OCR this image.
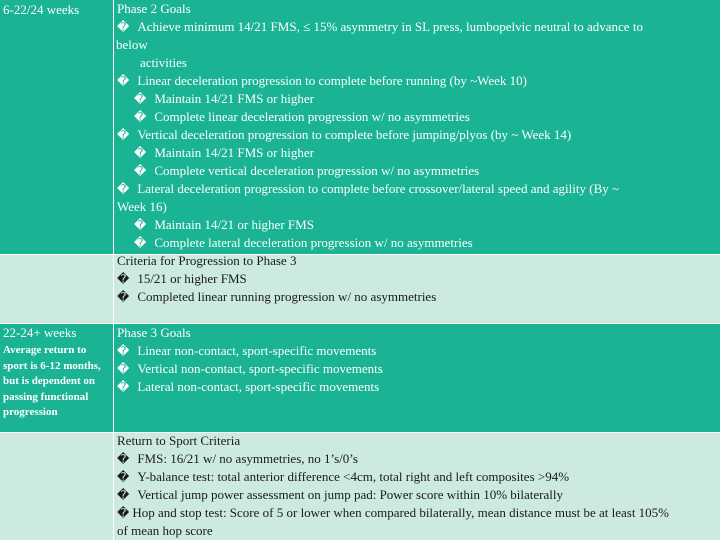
6-22/24 weeks	Phase 2 Goals
� Achieve minimum 14/21 FMS, ≤ 15% asymmetry in SL press, lumbopelvic neutral to advance to
below
activities
� Linear deceleration progression to complete before running (by ~Week 10)
� Maintain 14/21 FMS or higher
� Complete linear deceleration progression w/ no asymmetries
� Vertical deceleration progression to complete before jumping/plyos (by ~ Week 14)
� Maintain 14/21 FMS or higher
� Complete vertical deceleration progression w/ no asymmetries
� Lateral deceleration progression to complete before crossover/lateral speed and agility (By ~
Week 16)
� Maintain 14/21 or higher FMS
� Complete lateral deceleration progression w/ no asymmetries
Criteria for Progression to Phase 3
� 15/21 or higher FMS
� Completed linear running progression w/ no asymmetries
22-24+ weeks
Average return to sport is 6-12 months, but is dependent on passing functional progression
Phase 3 Goals
� Linear non-contact, sport-specific movements
� Vertical non-contact, sport-specific movements
� Lateral non-contact, sport-specific movements
Return to Sport Criteria
� FMS: 16/21 w/ no asymmetries, no 1’s/0’s
� Y-balance test: total anterior difference <4cm, total right and left composites >94%
� Vertical jump power assessment on jump pad: Power score within 10% bilaterally
� Hop and stop test: Score of 5 or lower when compared bilaterally, mean distance must be at least 105%
of mean hop score
